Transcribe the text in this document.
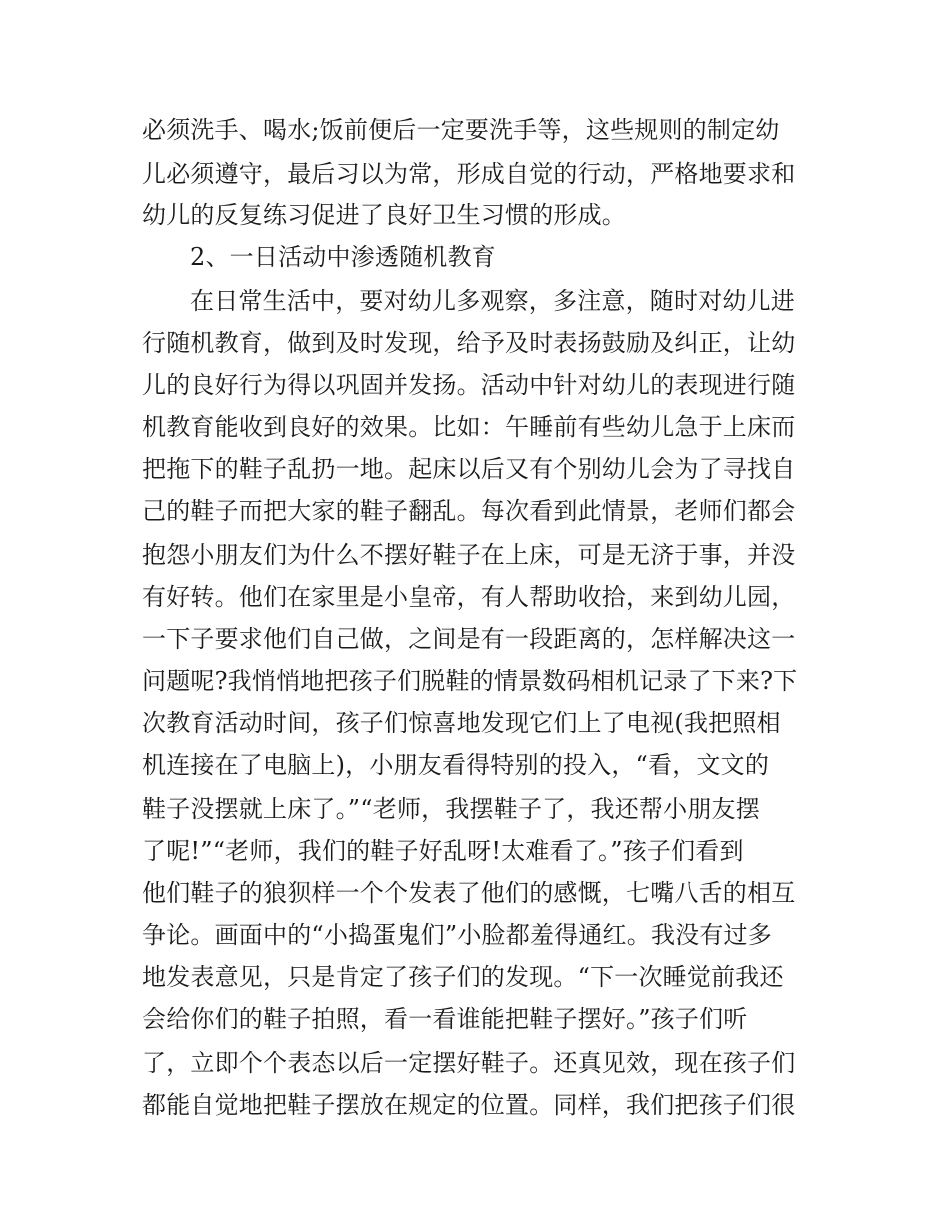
必须洗手、喝水;饭前便后一定要洗手等，这些规则的制定幼

儿必须遵守，最后习以为常，形成自觉的行动，严格地要求和

幼儿的反复练习促进了良好卫生习惯的形成。

2、一日活动中渗透随机教育

在日常生活中，要对幼儿多观察，多注意，随时对幼儿进

行随机教育，做到及时发现，给予及时表扬鼓励及纠正，让幼

儿的良好行为得以巩固并发扬。活动中针对幼儿的表现进行随

机教育能收到良好的效果。比如：午睡前有些幼儿急于上床而

把拖下的鞋子乱扔一地。起床以后又有个别幼儿会为了寻找自

己的鞋子而把大家的鞋子翻乱。每次看到此情景，老师们都会

抱怨小朋友们为什么不摆好鞋子在上床，可是无济于事，并没

有好转。他们在家里是小皇帝，有人帮助收拾，来到幼儿园，

一下子要求他们自己做，之间是有一段距离的，怎样解决这一

问题呢?我悄悄地把孩子们脱鞋的情景数码相机记录了下来?下

次教育活动时间，孩子们惊喜地发现它们上了电视(我把照相

机连接在了电脑上)，小朋友看得特别的投入，“看，文文的

鞋子没摆就上床了。”“老师，我摆鞋子了，我还帮小朋友摆

了呢!”“老师，我们的鞋子好乱呀!太难看了。”孩子们看到

他们鞋子的狼狈样一个个发表了他们的感慨，七嘴八舌的相互

争论。画面中的“小捣蛋鬼们”小脸都羞得通红。我没有过多

地发表意见，只是肯定了孩子们的发现。“下一次睡觉前我还

会给你们的鞋子拍照，看一看谁能把鞋子摆好。”孩子们听

了，立即个个表态以后一定摆好鞋子。还真见效，现在孩子们

都能自觉地把鞋子摆放在规定的位置。同样，我们把孩子们很
